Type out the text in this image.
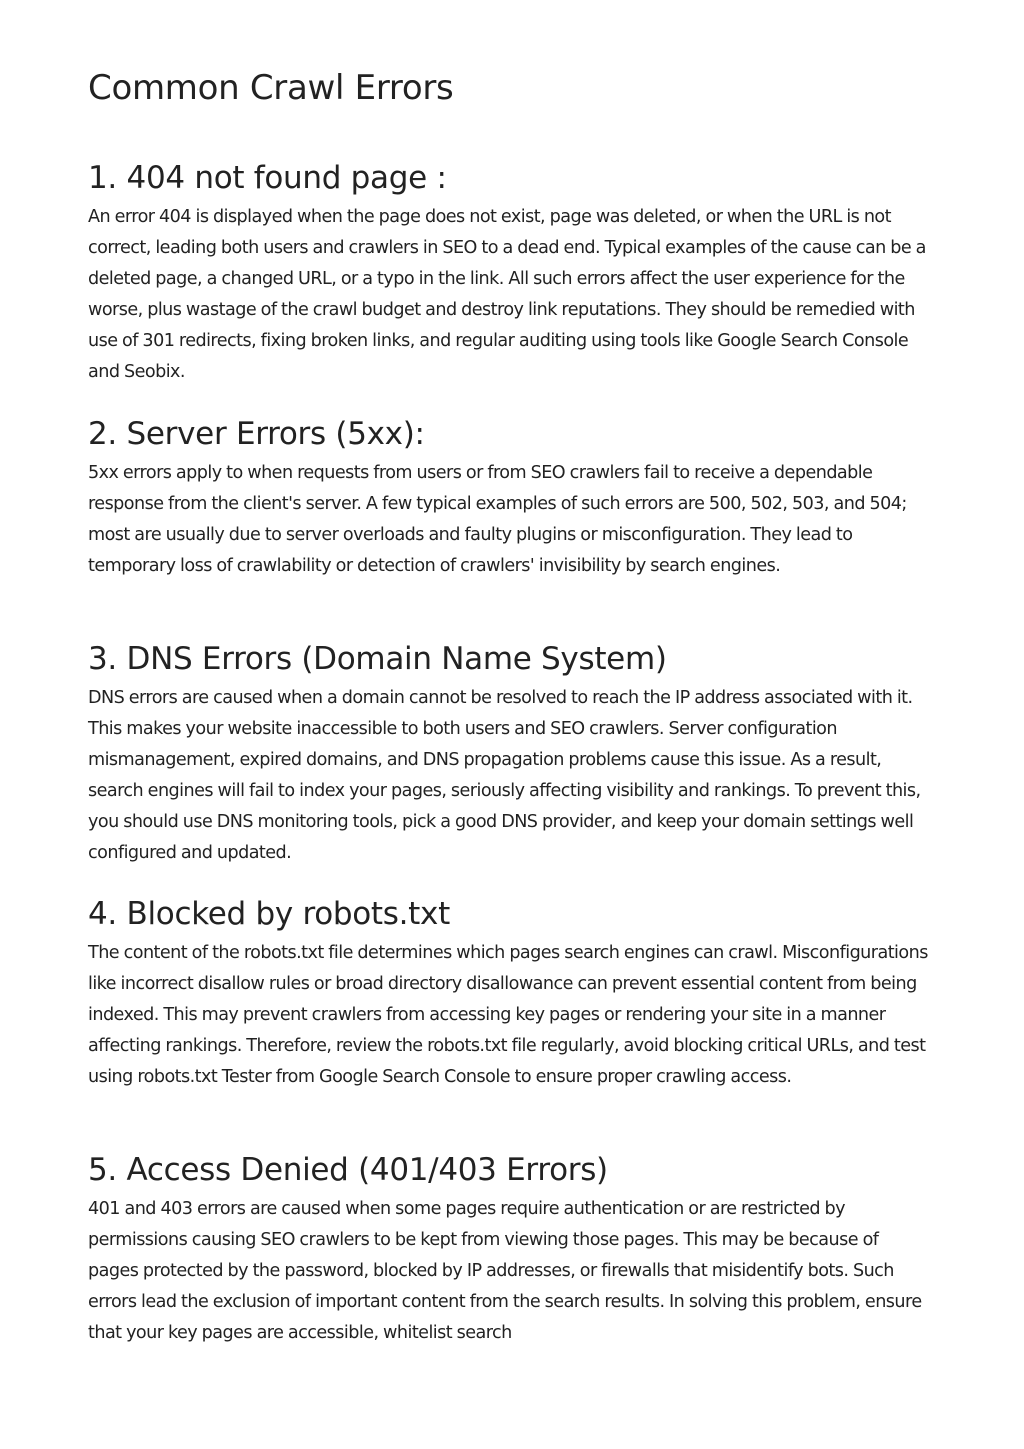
Common Crawl Errors
1. 404 not found page :

An error 404 is displayed when the page does not exist, page was deleted, or when the URL is not correct, leading both users and crawlers in SEO to a dead end. Typical examples of the cause can be a deleted page, a changed URL, or a typo in the link. All such errors affect the user experience for the worse, plus wastage of the crawl budget and destroy link reputations. They should be remedied with use of 301 redirects, fixing broken links, and regular auditing using tools like Google Search Console and Seobix.

2. Server Errors (5xx):

5xx errors apply to when requests from users or from SEO crawlers fail to receive a dependable response from the client's server. A few typical examples of such errors are 500, 502, 503, and 504; most are usually due to server overloads and faulty plugins or misconfiguration. They lead to temporary loss of crawlability or detection of crawlers' invisibility by search engines.

3. DNS Errors (Domain Name System)

DNS errors are caused when a domain cannot be resolved to reach the IP address associated with it. This makes your website inaccessible to both users and SEO crawlers. Server configuration mismanagement, expired domains, and DNS propagation problems cause this issue. As a result, search engines will fail to index your pages, seriously affecting visibility and rankings. To prevent this, you should use DNS monitoring tools, pick a good DNS provider, and keep your domain settings well configured and updated.

4. Blocked by robots.txt

The content of the robots.txt file determines which pages search engines can crawl. Misconfigurations like incorrect disallow rules or broad directory disallowance can prevent essential content from being indexed. This may prevent crawlers from accessing key pages or rendering your site in a manner affecting rankings. Therefore, review the robots.txt file regularly, avoid blocking critical URLs, and test using robots.txt Tester from Google Search Console to ensure proper crawling access.

5. Access Denied (401/403 Errors)

401 and 403 errors are caused when some pages require authentication or are restricted by permissions causing SEO crawlers to be kept from viewing those pages. This may be because of pages protected by the password, blocked by IP addresses, or firewalls that misidentify bots. Such errors lead the exclusion of important content from the search results. In solving this problem, ensure that your key pages are accessible, whitelist search
